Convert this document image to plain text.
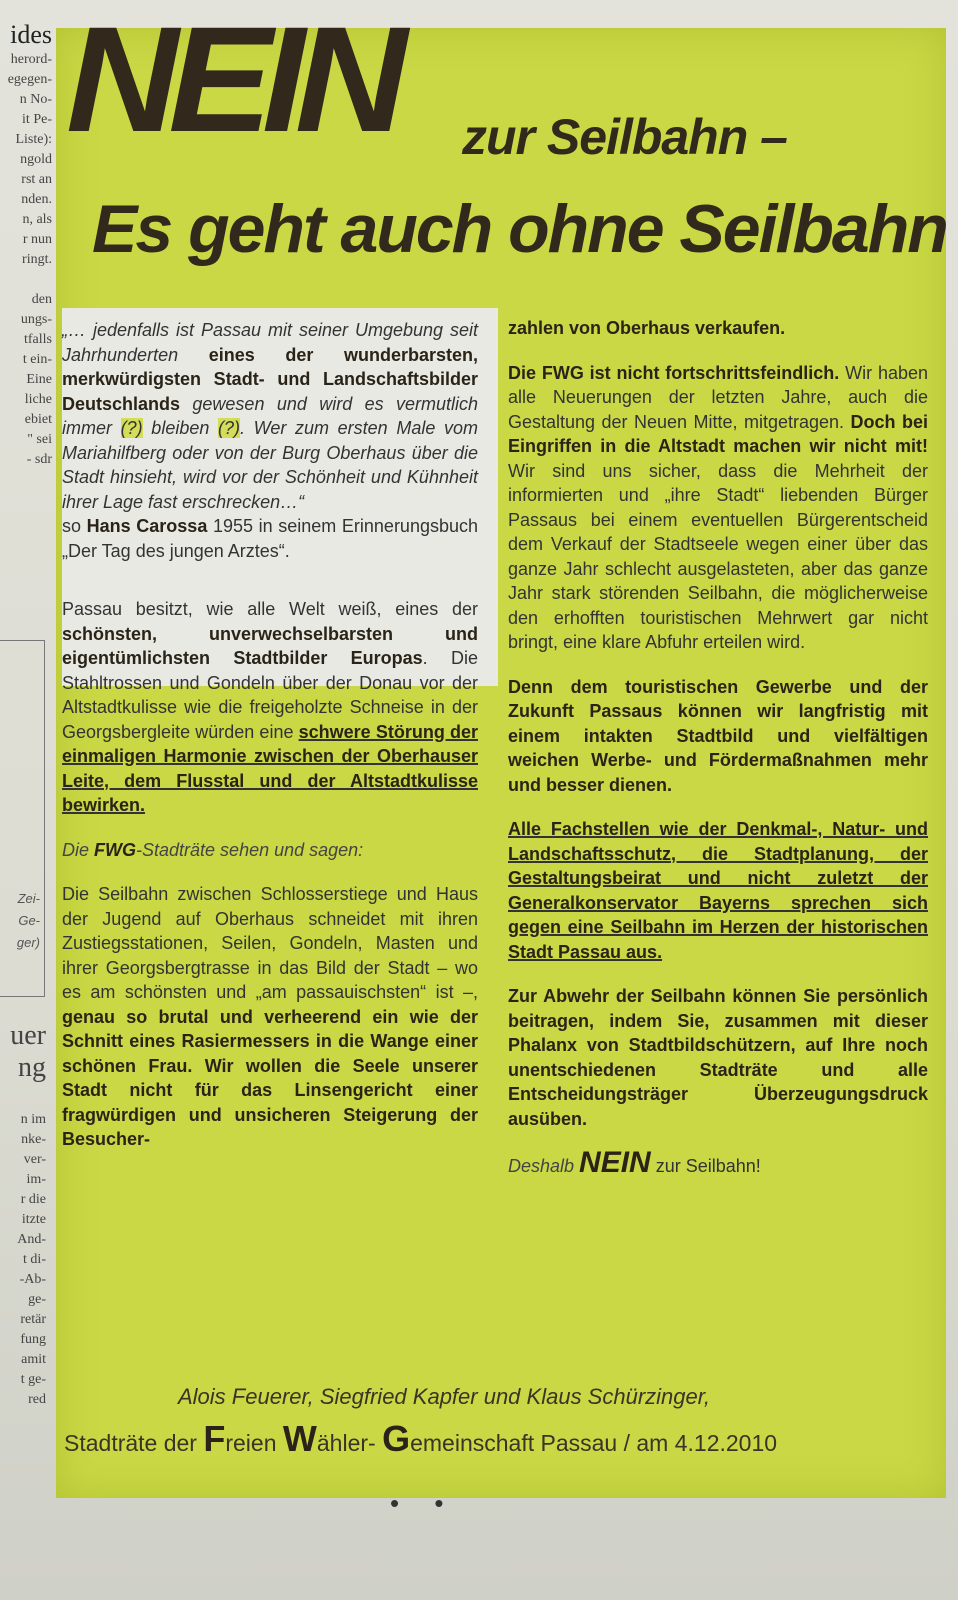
ides
herord-
egegen-
n No-
it Pe-
Liste):
ngold
rst an
nden.
n, als
r nun
ringt.

den
ungs-
tfalls
t ein-
Eine
liche
ebiet
" sei
- sdr
uer
ng
n im
nke-
ver-
im-
r die
itzte
And-
t di-
-Ab-
ge-
retär
fung
amit
t ge-
red
Zei-
Ge-
ger)
NEIN zur Seilbahn –
Es geht auch ohne Seilbahn

„… jedenfalls ist Passau mit seiner Umgebung seit Jahrhunderten eines der wunderbarsten, merkwürdigsten Stadt- und Landschaftsbilder Deutschlands gewesen und wird es vermutlich immer (?) bleiben (?). Wer zum ersten Male vom Mariahilfberg oder von der Burg Oberhaus über die Stadt hinsieht, wird vor der Schönheit und Kühnheit ihrer Lage fast erschrecken…“

so Hans Carossa 1955 in seinem Erinnerungsbuch „Der Tag des jungen Arztes“.

Passau besitzt, wie alle Welt weiß, eines der schönsten, unverwechselbarsten und eigentümlichsten Stadtbilder Europas. Die Stahltrossen und Gondeln über der Donau vor der Altstadtkulisse wie die freigeholzte Schneise in der Georgsbergleite würden eine schwere Störung der einmaligen Harmonie zwischen der Oberhauser Leite, dem Flusstal und der Altstadtkulisse bewirken.

Die FWG-Stadträte sehen und sagen:

Die Seilbahn zwischen Schlosserstiege und Haus der Jugend auf Oberhaus schneidet mit ihren Zustiegsstationen, Seilen, Gondeln, Masten und ihrer Georgsbergtrasse in das Bild der Stadt – wo es am schönsten und „am passauischsten“ ist –, genau so brutal und verheerend ein wie der Schnitt eines Rasiermessers in die Wange einer schönen Frau. Wir wollen die Seele unserer Stadt nicht für das Linsengericht einer fragwürdigen und unsicheren Steigerung der Besucher-

zahlen von Oberhaus verkaufen.

Die FWG ist nicht fortschrittsfeindlich. Wir haben alle Neuerungen der letzten Jahre, auch die Gestaltung der Neuen Mitte, mitgetragen. Doch bei Eingriffen in die Altstadt machen wir nicht mit! Wir sind uns sicher, dass die Mehrheit der informierten und „ihre Stadt“ liebenden Bürger Passaus bei einem eventuellen Bürgerentscheid dem Verkauf der Stadtseele wegen einer über das ganze Jahr schlecht ausgelasteten, aber das ganze Jahr stark störenden Seilbahn, die möglicherweise den erhofften touristischen Mehrwert gar nicht bringt, eine klare Abfuhr erteilen wird.

Denn dem touristischen Gewerbe und der Zukunft Passaus können wir langfristig mit einem intakten Stadtbild und vielfältigen weichen Werbe- und Fördermaßnahmen mehr und besser dienen.

Alle Fachstellen wie der Denkmal-, Natur- und Landschaftsschutz, die Stadtplanung, der Gestaltungsbeirat und nicht zuletzt der Generalkonservator Bayerns sprechen sich gegen eine Seilbahn im Herzen der historischen Stadt Passau aus.

Zur Abwehr der Seilbahn können Sie persönlich beitragen, indem Sie, zusammen mit dieser Phalanx von Stadtbildschützern, auf Ihre noch unentschiedenen Stadträte und alle Entscheidungsträger Überzeugungsdruck ausüben.

Deshalb NEIN zur Seilbahn!

Alois Feuerer, Siegfried Kapfer und Klaus Schürzinger,
Stadträte der Freien Wähler- Gemeinschaft Passau / am 4.12.2010
• •
